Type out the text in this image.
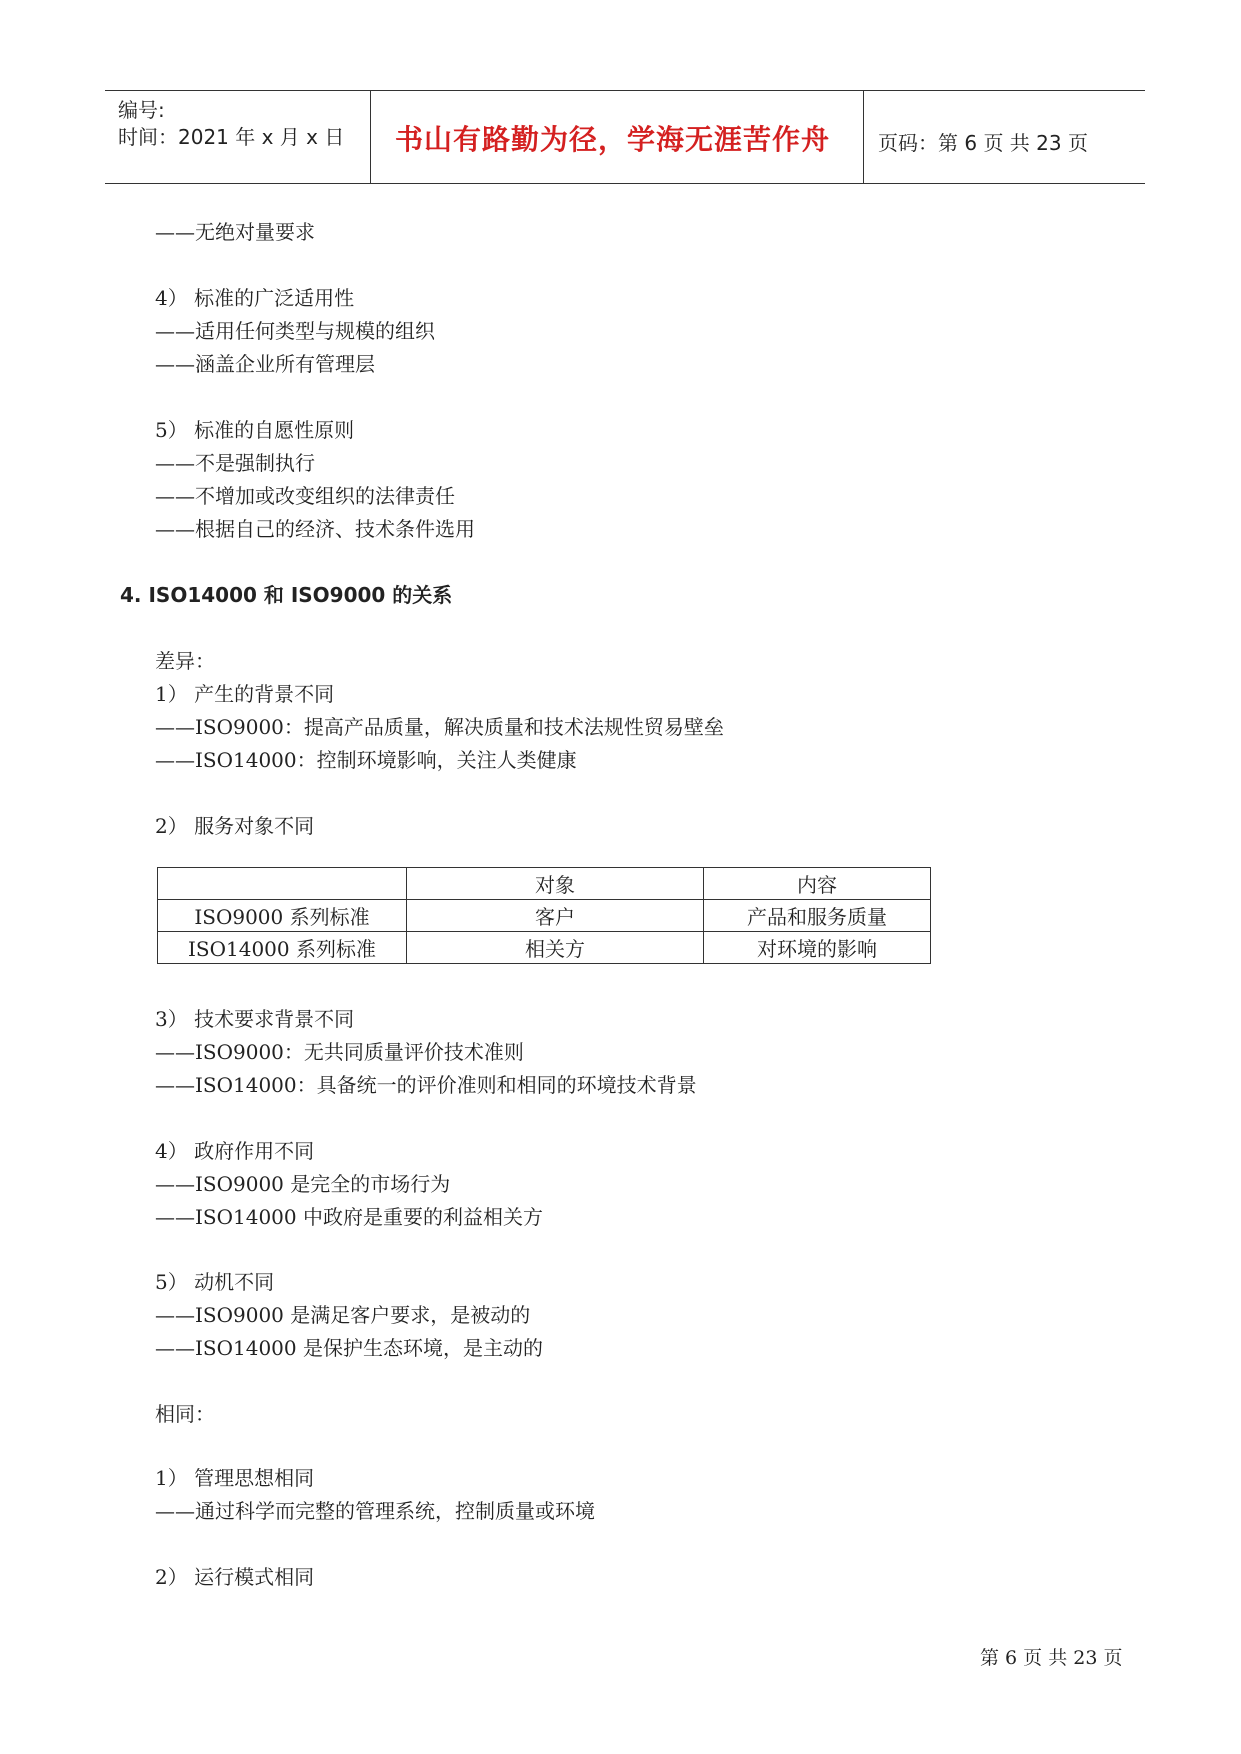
编号:
时间：2021 年 x 月 x 日 书山有路勤为径，学海无涯苦作舟 页码：第 6 页 共 23 页
——无绝对量要求
4） 标准的广泛适用性
——适用任何类型与规模的组织
——涵盖企业所有管理层
5） 标准的自愿性原则
——不是强制执行
——不增加或改变组织的法律责任
——根据自己的经济、技术条件选用
4. ISO14000 和 ISO9000 的关系
差异：
1） 产生的背景不同
——ISO9000：提高产品质量，解决质量和技术法规性贸易壁垒
——ISO14000：控制环境影响，关注人类健康
2） 服务对象不同
	对象	内容
ISO9000 系列标准	客户	产品和服务质量
ISO14000 系列标准	相关方	对环境的影响
3） 技术要求背景不同
——ISO9000：无共同质量评价技术准则
——ISO14000：具备统一的评价准则和相同的环境技术背景
4） 政府作用不同
——ISO9000 是完全的市场行为
——ISO14000 中政府是重要的利益相关方
5） 动机不同
——ISO9000 是满足客户要求，是被动的
——ISO14000 是保护生态环境，是主动的
相同：
1） 管理思想相同
——通过科学而完整的管理系统，控制质量或环境
2） 运行模式相同
第 6 页 共 23 页
